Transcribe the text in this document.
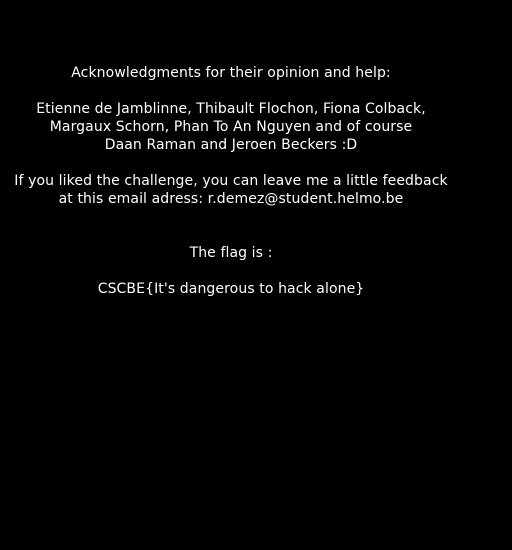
Acknowledgments for their opinion and help:
Etienne de Jamblinne, Thibault Flochon, Fiona Colback,
Margaux Schorn, Phan To An Nguyen and of course
Daan Raman and Jeroen Beckers :D
If you liked the challenge, you can leave me a little feedback
at this email adress: r.demez@student.helmo.be
The flag is :
CSCBE{It's dangerous to hack alone}
